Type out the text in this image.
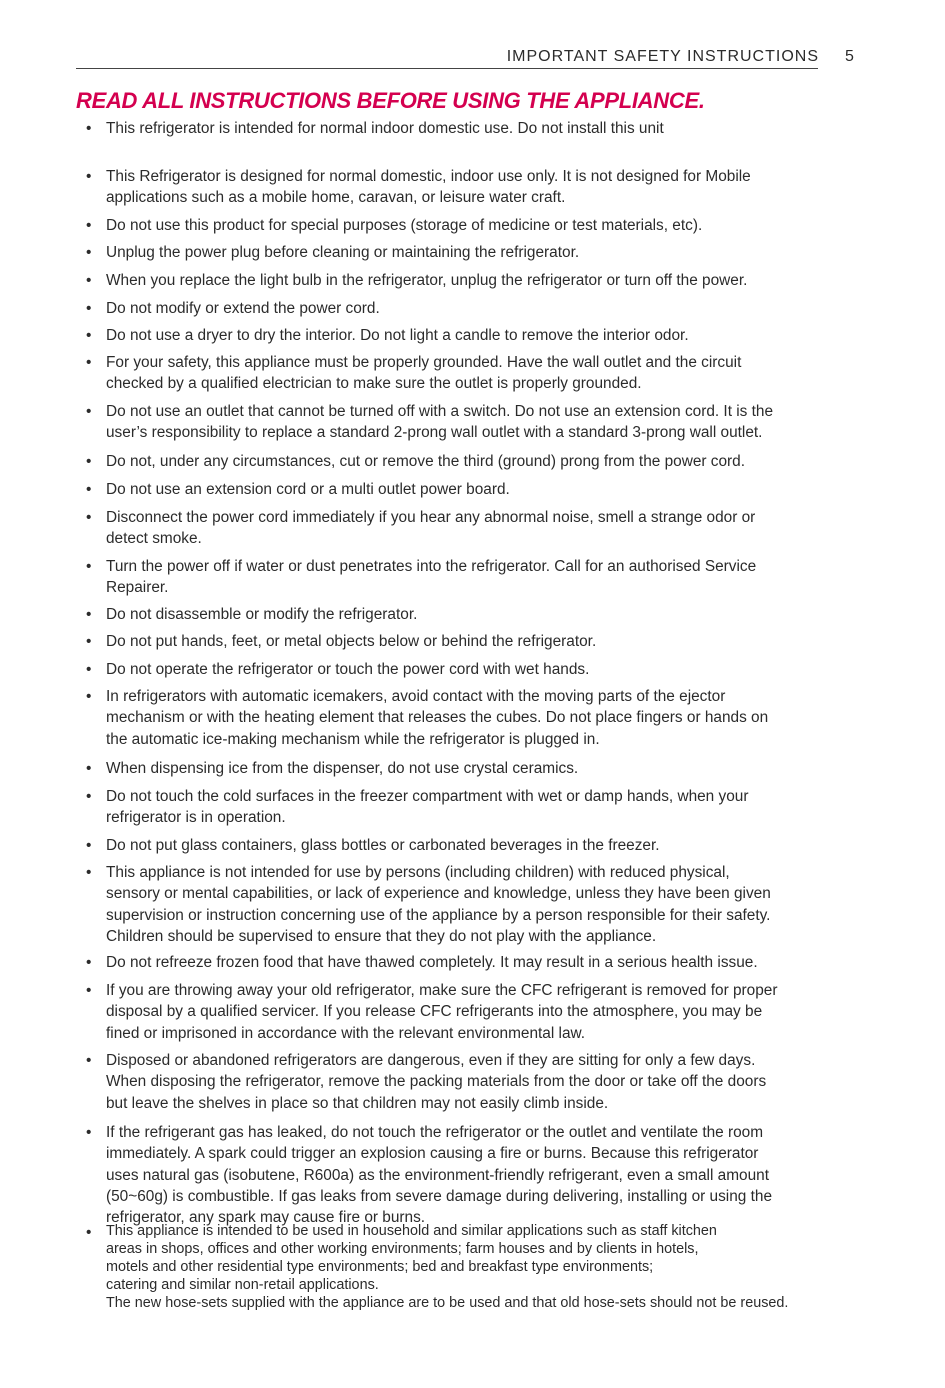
IMPORTANT SAFETY INSTRUCTIONS 5
READ ALL INSTRUCTIONS BEFORE USING THE APPLIANCE.
• This refrigerator is intended for normal indoor domestic use. Do not install this unit
• This Refrigerator is designed for normal domestic, indoor use only. It is not designed for Mobile
applications such as a mobile home, caravan, or leisure water craft.
• Do not use this product for special purposes (storage of medicine or test materials, etc).
• Unplug the power plug before cleaning or maintaining the refrigerator.
• When you replace the light bulb in the refrigerator, unplug the refrigerator or turn off the power.
• Do not modify or extend the power cord.
• Do not use a dryer to dry the interior. Do not light a candle to remove the interior odor.
• For your safety, this appliance must be properly grounded. Have the wall outlet and the circuit
checked by a qualified electrician to make sure the outlet is properly grounded.
• Do not use an outlet that cannot be turned off with a switch. Do not use an extension cord. It is the
user’s responsibility to replace a standard 2-prong wall outlet with a standard 3-prong wall outlet.
• Do not, under any circumstances, cut or remove the third (ground) prong from the power cord.
• Do not use an extension cord or a multi outlet power board.
• Disconnect the power cord immediately if you hear any abnormal noise, smell a strange odor or
detect smoke.
• Turn the power off if water or dust penetrates into the refrigerator. Call for an authorised Service
Repairer.
• Do not disassemble or modify the refrigerator.
• Do not put hands, feet, or metal objects below or behind the refrigerator.
• Do not operate the refrigerator or touch the power cord with wet hands.
• In refrigerators with automatic icemakers, avoid contact with the moving parts of the ejector
mechanism or with the heating element that releases the cubes. Do not place fingers or hands on
the automatic ice-making mechanism while the refrigerator is plugged in.
• When dispensing ice from the dispenser, do not use crystal ceramics.
• Do not touch the cold surfaces in the freezer compartment with wet or damp hands, when your
refrigerator is in operation.
• Do not put glass containers, glass bottles or carbonated beverages in the freezer.
• This appliance is not intended for use by persons (including children) with reduced physical,
sensory or mental capabilities, or lack of experience and knowledge, unless they have been given
supervision or instruction concerning use of the appliance by a person responsible for their safety.
Children should be supervised to ensure that they do not play with the appliance.
• Do not refreeze frozen food that have thawed completely. It may result in a serious health issue.
• If you are throwing away your old refrigerator, make sure the CFC refrigerant is removed for proper
disposal by a qualified servicer. If you release CFC refrigerants into the atmosphere, you may be
fined or imprisoned in accordance with the relevant environmental law.
• Disposed or abandoned refrigerators are dangerous, even if they are sitting for only a few days.
When disposing the refrigerator, remove the packing materials from the door or take off the doors
but leave the shelves in place so that children may not easily climb inside.
• If the refrigerant gas has leaked, do not touch the refrigerator or the outlet and ventilate the room
immediately. A spark could trigger an explosion causing a fire or burns. Because this refrigerator
uses natural gas (isobutene, R600a) as the environment-friendly refrigerant, even a small amount
(50~60g) is combustible. If gas leaks from severe damage during delivering, installing or using the
refrigerator, any spark may cause fire or burns.
•	This appliance is intended to be used in household and similar applications such as staff kitchen
areas in shops, offices and other working environments; farm houses and by clients in hotels,
motels and other residential type environments; bed and breakfast type environments;
catering and similar non-retail applications.
The new hose-sets supplied with the appliance are to be used and that old hose-sets should not be reused.
